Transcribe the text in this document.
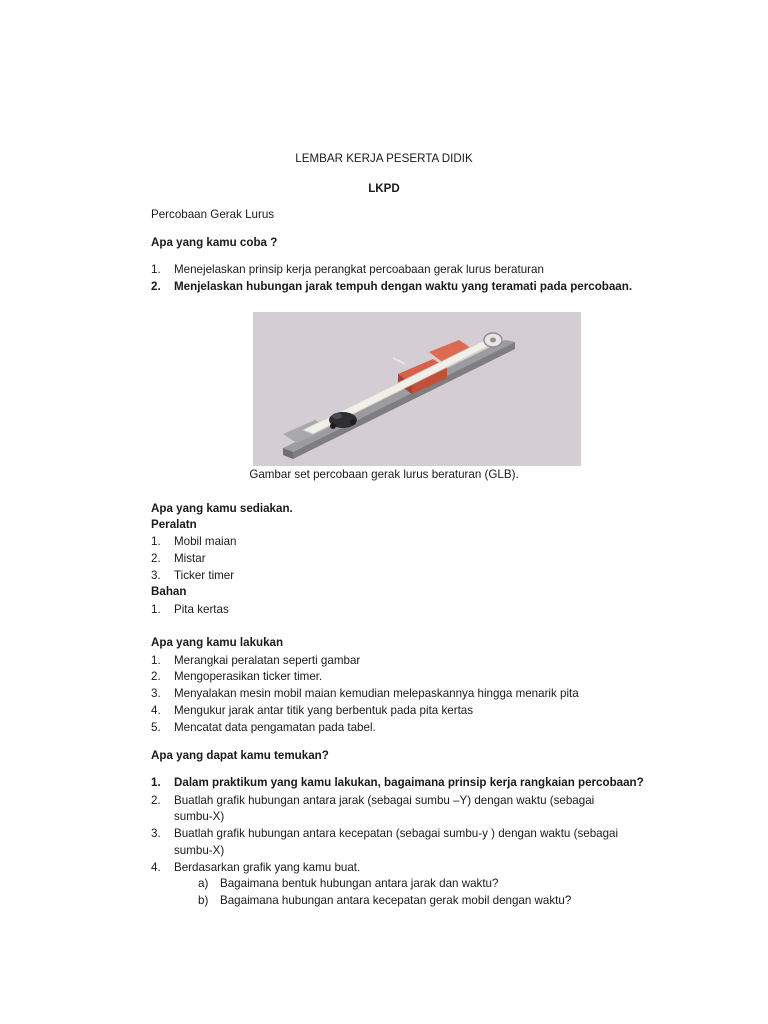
LEMBAR KERJA PESERTA DIDIK
LKPD
Percobaan Gerak Lurus
Apa yang kamu coba ?
1.	Menejelaskan prinsip kerja perangkat percoabaan gerak lurus beraturan
2.	Menjelaskan hubungan jarak tempuh dengan waktu yang teramati pada percobaan.
Gambar set percobaan gerak lurus beraturan (GLB).
Apa yang kamu sediakan.
Peralatn
1.	Mobil maian
2.	Mistar
3.	Ticker timer
Bahan
1.	Pita kertas
Apa yang kamu lakukan
1.	Merangkai peralatan seperti gambar
2.	Mengoperasikan ticker timer.
3.	Menyalakan mesin mobil maian kemudian melepaskannya hingga menarik pita
4.	Mengukur jarak antar titik yang berbentuk pada pita kertas
5.	Mencatat data pengamatan pada tabel.
Apa yang dapat kamu temukan?
1.	Dalam praktikum yang kamu lakukan, bagaimana prinsip kerja rangkaian percobaan?
2.	Buatlah grafik hubungan antara jarak (sebagai sumbu –Y) dengan waktu (sebagai
sumbu-X)
3.	Buatlah grafik hubungan antara kecepatan (sebagai sumbu-y ) dengan waktu (sebagai
sumbu-X)
4.	Berdasarkan grafik yang kamu buat.
a)	Bagaimana bentuk hubungan antara jarak dan waktu?
b)	Bagaimana hubungan antara kecepatan gerak mobil dengan waktu?
